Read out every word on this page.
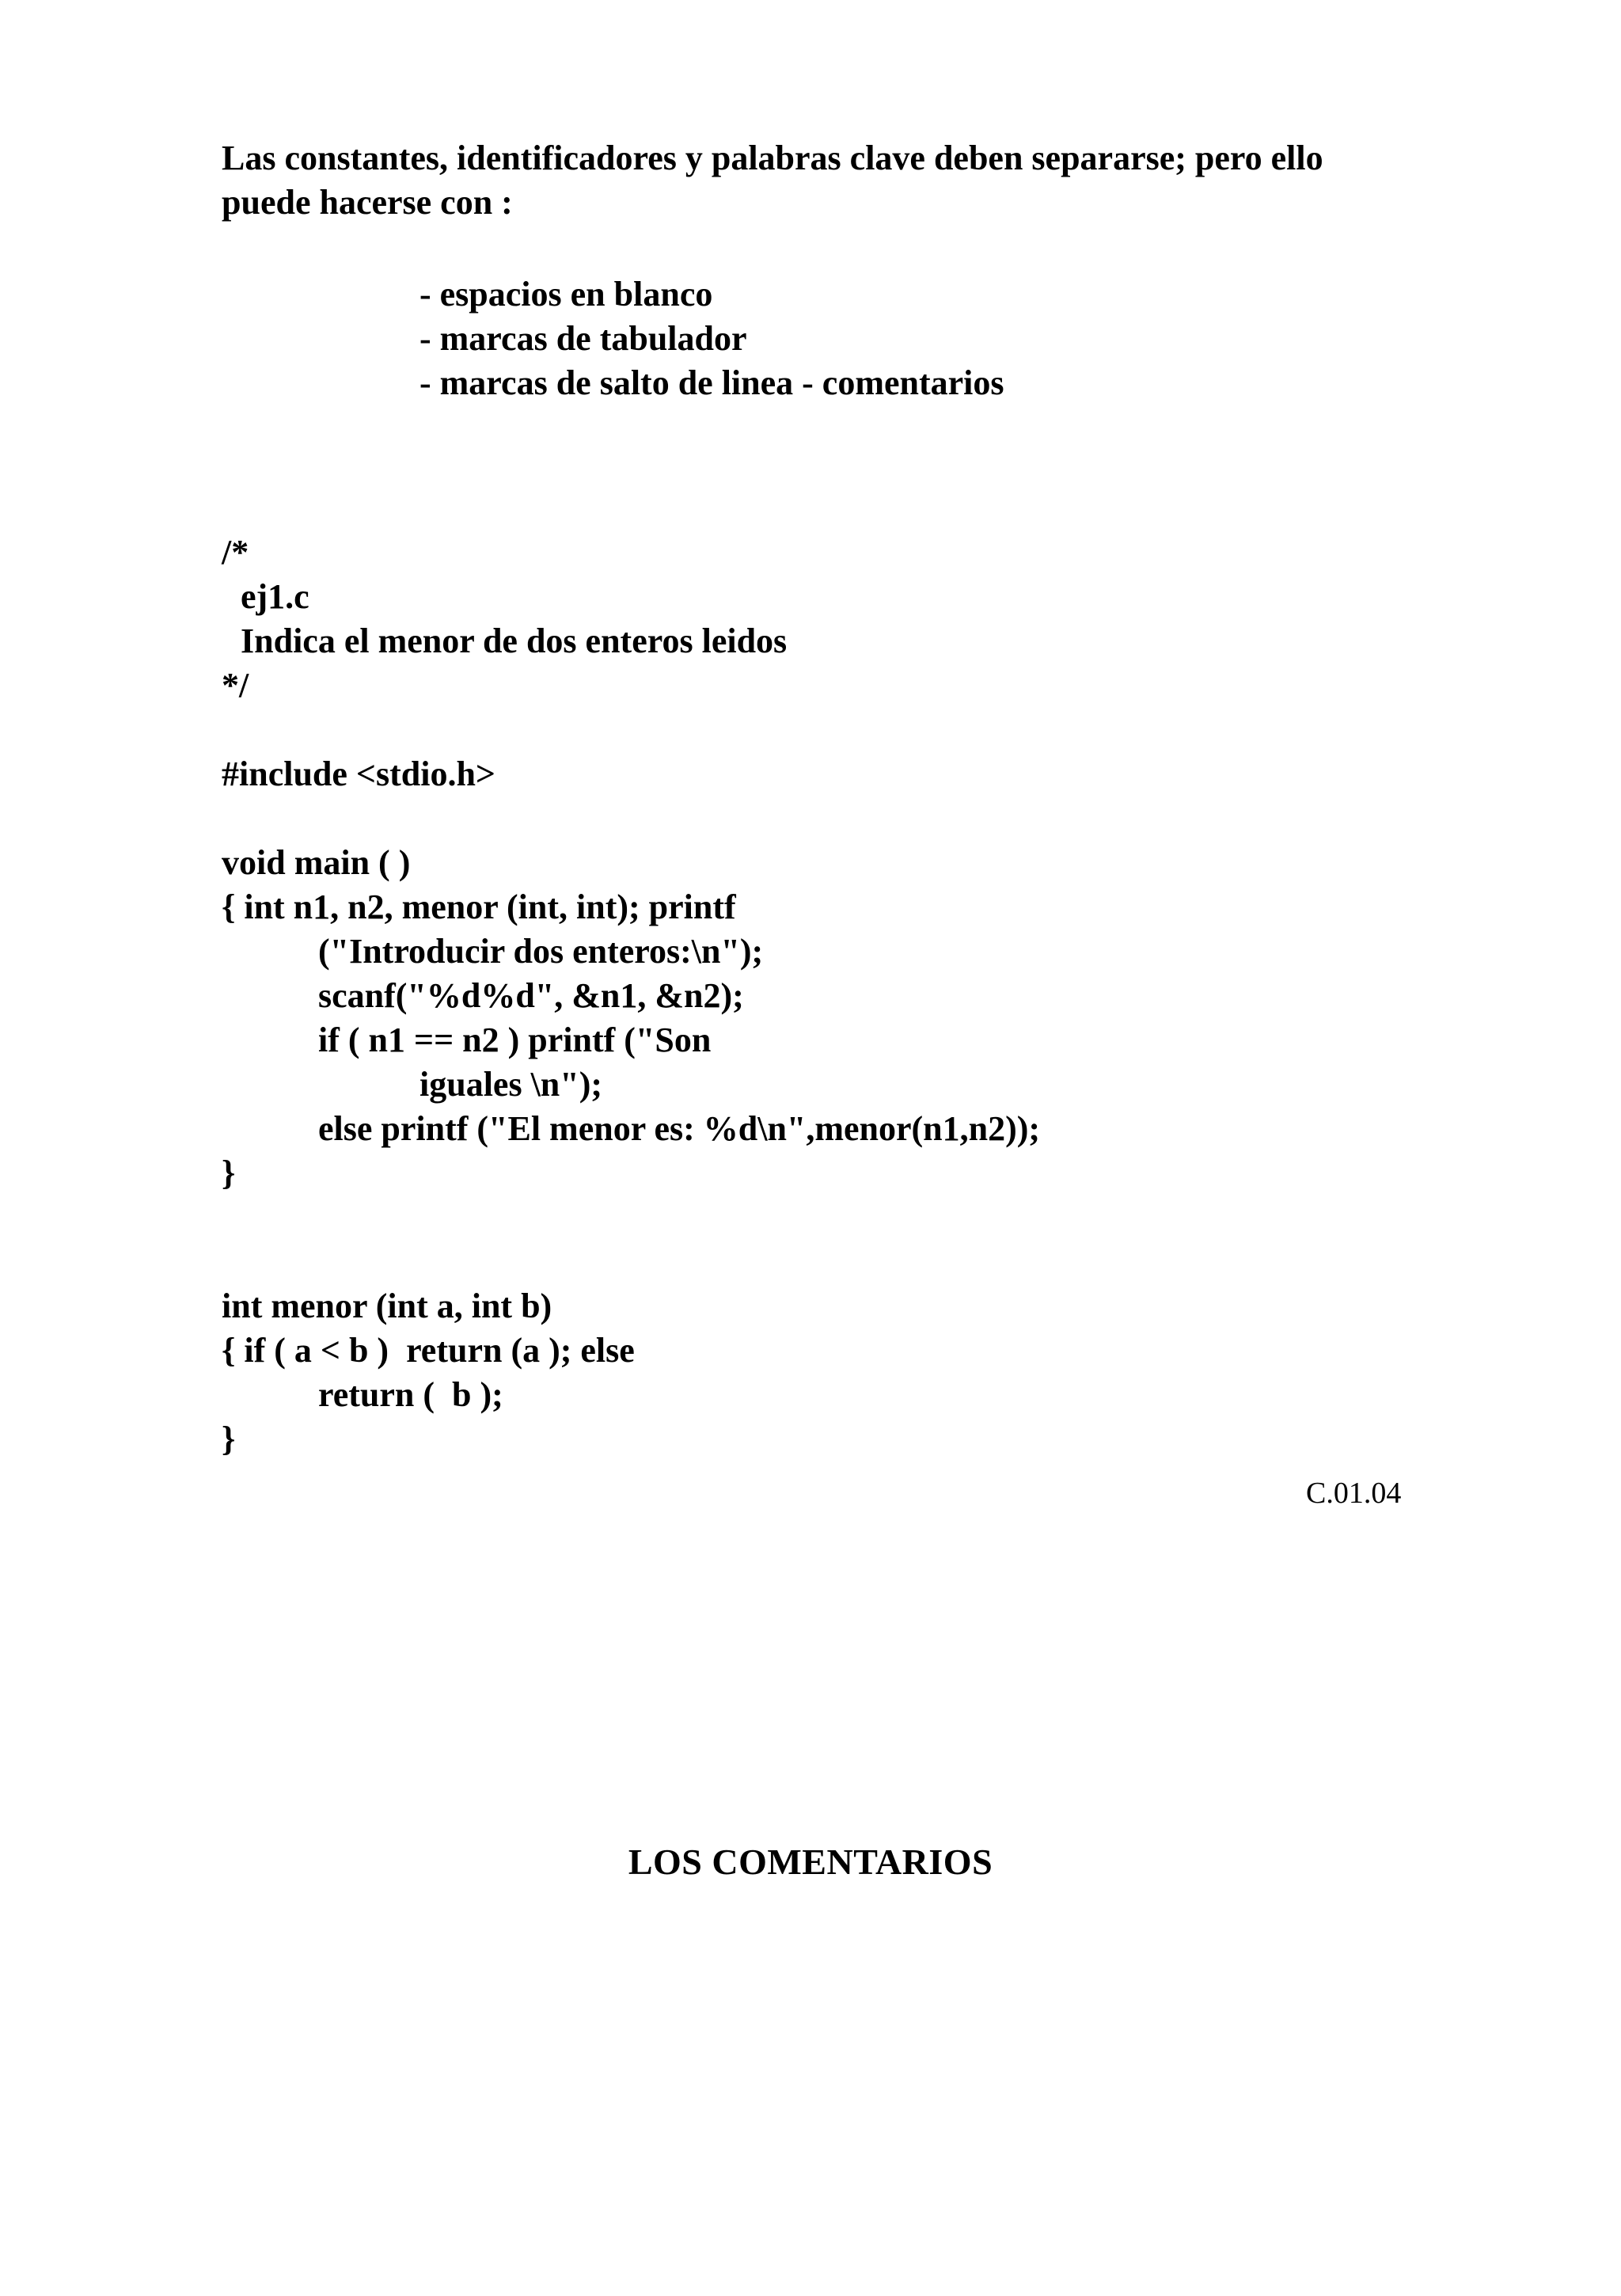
Las constantes, identificadores y palabras clave deben separarse; pero ello
puede hacerse con :

- espacios en blanco
- marcas de tabulador
- marcas de salto de linea - comentarios
/*
ej1.c
Indica el menor de dos enteros leidos
*/
#include <stdio.h>
void main ( )
{ int n1, n2, menor (int, int); printf
("Introducir dos enteros:\n");
scanf("%d%d", &n1, &n2);
if ( n1 == n2 ) printf ("Son
iguales \n");
else printf ("El menor es: %d\n",menor(n1,n2));
}
int menor (int a, int b)
{ if ( a < b )  return (a ); else
return (  b );
}
C.01.04
LOS COMENTARIOS
